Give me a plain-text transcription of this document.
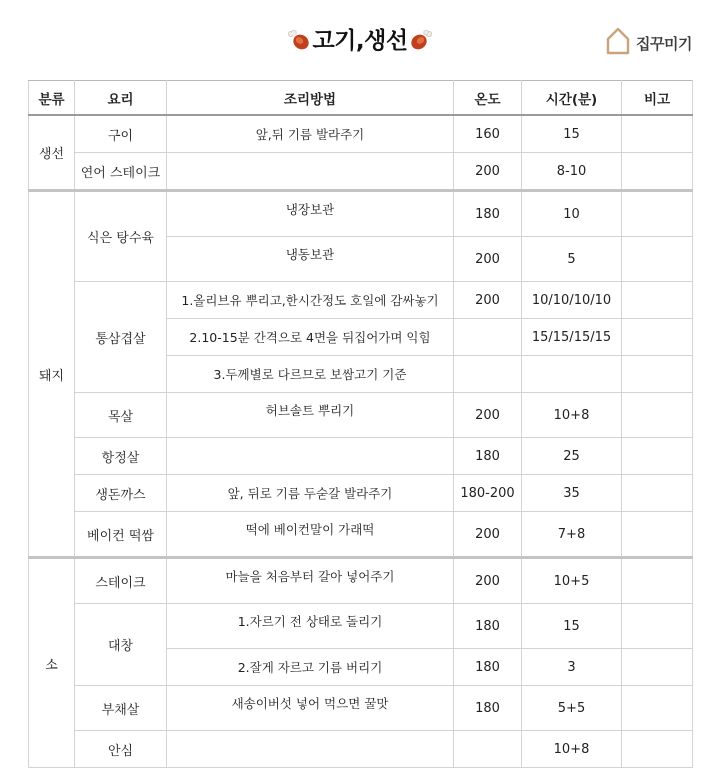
고기,생선	집꾸미기
분류	요리	조리방법	온도	시간(분)	비고
생선	구이	앞,뒤 기름 발라주기	160	15	
	연어 스테이크		200	8-10	
돼지	식은 탕수육	냉장보관	180	10	
		냉동보관	200	5	
	통삼겹살	1.올리브유 뿌리고,한시간정도 호일에 감싸놓기	200	10/10/10/10	
		2.10-15분 간격으로 4면을 뒤집어가며 익힘		15/15/15/15	
		3.두께별로 다르므로 보쌈고기 기준			
	목살	허브솔트 뿌리기	200	10+8	
	항정살		180	25	
	생돈까스	앞, 뒤로 기름 두숟갈 발라주기	180-200	35	
	베이컨 떡쌈	떡에 베이컨말이 가래떡	200	7+8	
소	스테이크	마늘을 처음부터 갈아 넣어주기	200	10+5	
	대창	1.자르기 전 상태로 돌리기	180	15	
		2.잘게 자르고 기름 버리기	180	3	
	부채살	새송이버섯 넣어 먹으면 꿀맛	180	5+5	
	안심			10+8	
